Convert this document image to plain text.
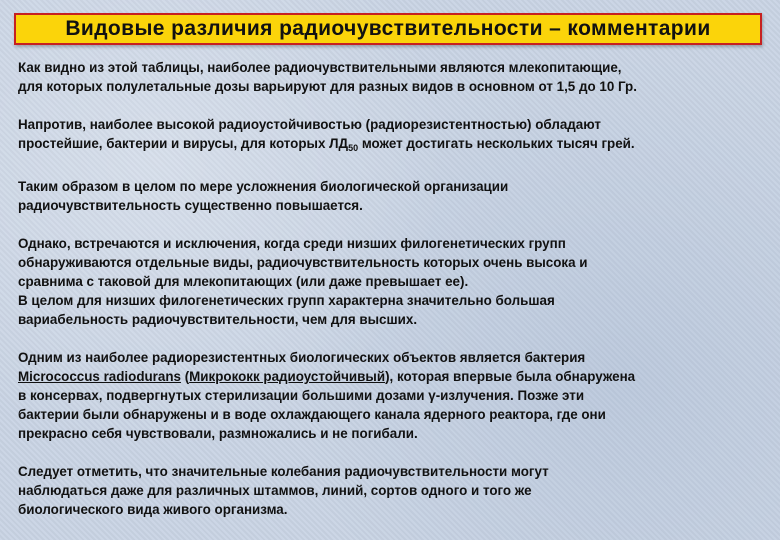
Видовые различия радиочувствительности – комментарии

Как видно из этой таблицы, наиболее радиочувствительными являются млекопитающие,
для которых полулетальные дозы варьируют для разных видов в основном от 1,5 до 10 Гр.

Напротив, наиболее высокой радиоустойчивостью (радиорезистентностью) обладают
простейшие, бактерии и вирусы, для которых $ЛД_{50}$ может достигать нескольких тысяч грей.

Таким образом в целом по мере усложнения биологической организации
радиочувствительность существенно повышается.

Однако, встречаются и исключения, когда среди низших филогенетических групп
обнаруживаются отдельные виды, радиочувствительность которых очень высока и
сравнима с таковой для млекопитающих (или даже превышает ее).
В целом для низших филогенетических групп характерна значительно большая
вариабельность радиочувствительности, чем для высших.

Одним из наиболее радиорезистентных биологических объектов является бактерия
Micrococcus radiodurans (Микрококк радиоустойчивый), которая впервые была обнаружена
в консервах, подвергнутых стерилизации большими дозами γ-излучения. Позже эти
бактерии были обнаружены и в воде охлаждающего канала ядерного реактора, где они
прекрасно себя чувствовали, размножались и не погибали.

Следует отметить, что значительные колебания радиочувствительности могут
наблюдаться даже для различных штаммов, линий, сортов одного и того же
биологического вида живого организма.
